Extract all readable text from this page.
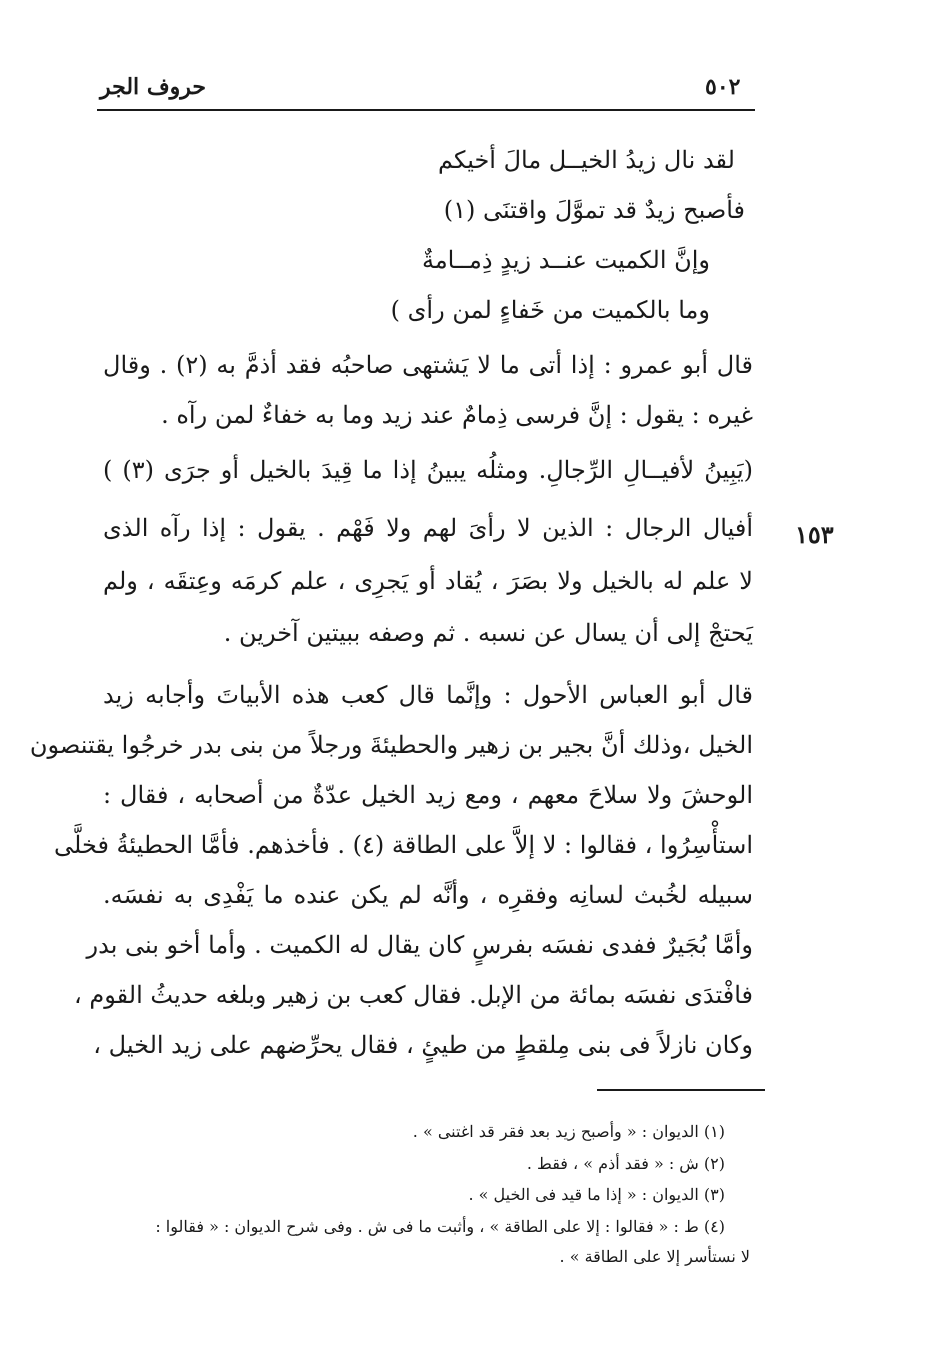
حروف الجر	٥٠٢
لقد نال زيدُ الخيــل مالَ أخيكم
فأصبح زيدٌ قد تموَّلَ واقتنَى (١)
وإنَّ الكميت عنــد زيدٍ ذِمــامةٌ
وما بالكميت من خَفاءٍ لمن رأى )
قال أبو عمرو : إذا أتى ما لا يَشتهى صاحبُه فقد أذمَّ به (٢) . وقال
غيره : يقول : إنَّ فرسى ذِمامٌ عند زيد وما به خفاءٌ لمن رآه .
(يَبِينُ لأفيــالِ الرِّجالِ. ومثلُه يبينُ إذا ما قِيدَ بالخيل أو جرَى (٣) )
١٥٣
أفيال الرجال : الذين لا رأىَ لهم ولا فَهْم . يقول : إذا رآه الذى
لا علم له بالخيل ولا بصَرَ ، يُقاد أو يَجرِى ، علم كرمَه وعِتقَه ، ولم
يَحتجْ إلى أن يسال عن نسبه . ثم وصفه ببيتين آخرين .
قال أبو العباس الأحول : وإنَّما قال كعب هذه الأبياتَ وأجابه زيد
الخيل ،وذلك أنَّ بجير بن زهير والحطيئةَ ورجلاً من بنى بدر خرجُوا يقتنصون
الوحشَ ولا سلاحَ معهم ، ومع زيد الخيل عدّةٌ من أصحابه ، فقال :
استأْسِرُوا ، فقالوا : لا إلاَّ على الطاقة (٤) . فأخذهم. فأمَّا الحطيئةُ فخلَّى
سبيله لخُبث لسانِه وفقرِه ، وأنَّه لم يكن عنده ما يَفْدِى به نفسَه.
وأمَّا بُجَيرٌ ففدى نفسَه بفرسٍ كان يقال له الكميت . وأما أخو بنى بدر
فافْتدَى نفسَه بمائة من الإبل. فقال كعب بن زهير وبلغه حديثُ القوم ،
وكان نازلاً فى بنى مِلقطٍ من طيئٍ ، فقال يحرِّضهم على زيد الخيل ،
(١) الديوان : « وأصبح زيد بعد فقر قد اغتنى » .
(٢) ش : « فقد أذم » ، فقط .
(٣) الديوان : « إذا ما قيد فى الخيل » .
(٤) ط : « فقالوا : إلا على الطاقة » ، وأثبت ما فى ش . وفى شرح الديوان : « فقالوا :
لا نستأسر إلا على الطاقة » .
